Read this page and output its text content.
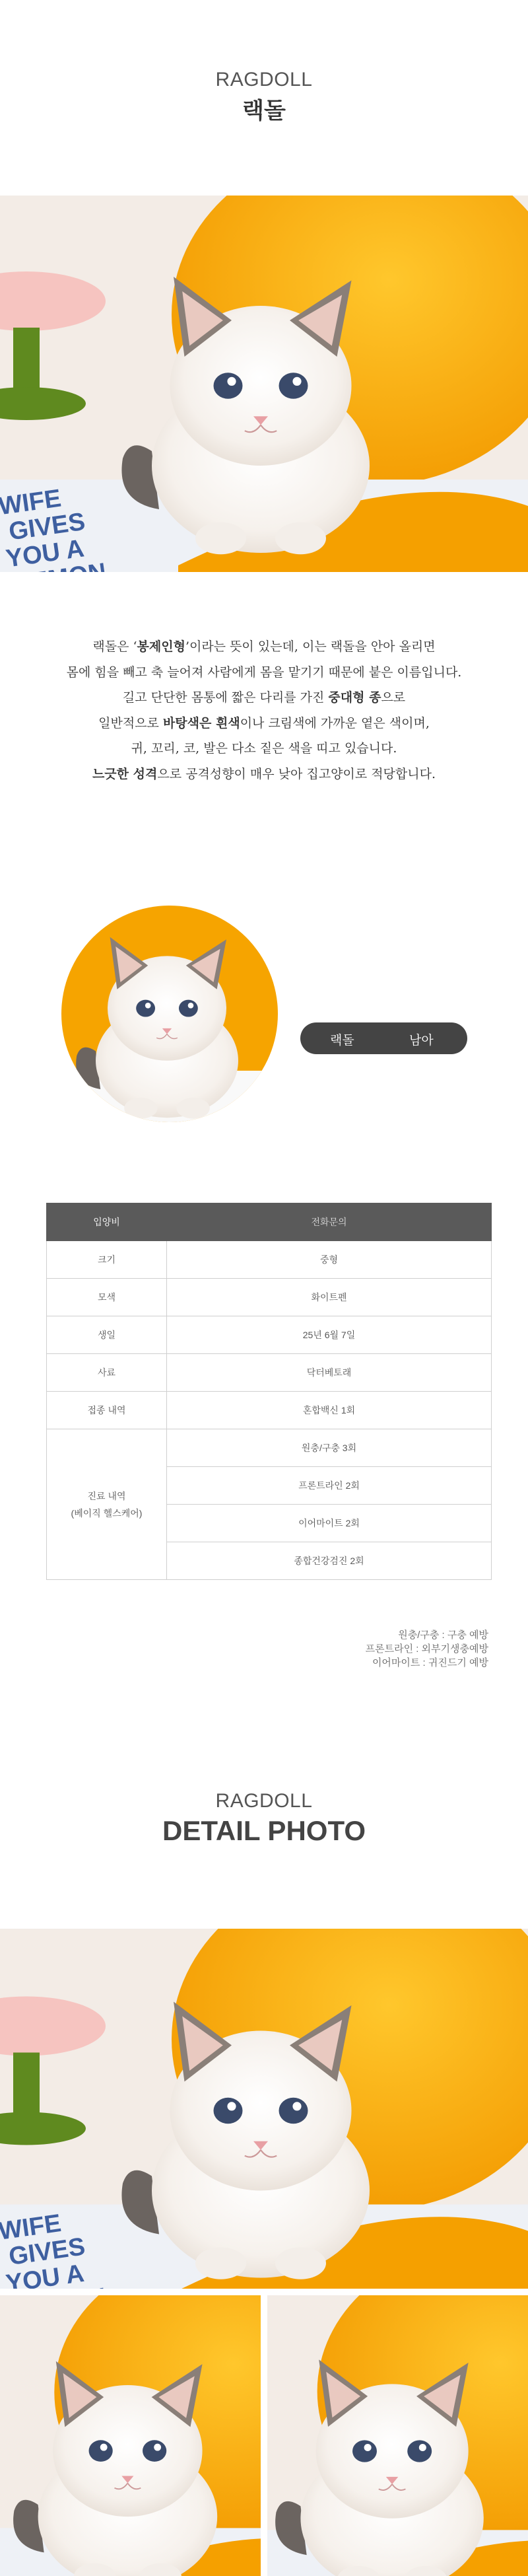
RAGDOLL
랙돌

랙돌은 ‘봉제인형’이라는 뜻이 있는데, 이는 랙돌을 안아 올리면

몸에 힘을 빼고 축 늘어져 사람에게 몸을 맡기기 때문에 붙은 이름입니다.

길고 단단한 몸통에 짧은 다리를 가진 중대형 종으로

일반적으로 바탕색은 흰색이나 크림색에 가까운 옅은 색이며,

귀, 꼬리, 코, 발은 다소 짙은 색을 띠고 있습니다.

느긋한 성격으로 공격성향이 매우 낮아 집고양이로 적당합니다.

랙돌	남아
입양비	전화문의
크기	중형
모색	화이트펜
생일	25년 6월 7일
사료	닥터베토래
접종 내역	혼합백신 1회
진료 내역
(베이직 헬스케어)	원충/구충 3회
	프론트라인 2회
	이어마이트 2회
	종합건강검진 2회
원충/구충 : 구충 예방
프론트라인 : 외부기생충예방
이어마이트 : 귀진드기 예방
RAGDOLL
DETAIL PHOTO
